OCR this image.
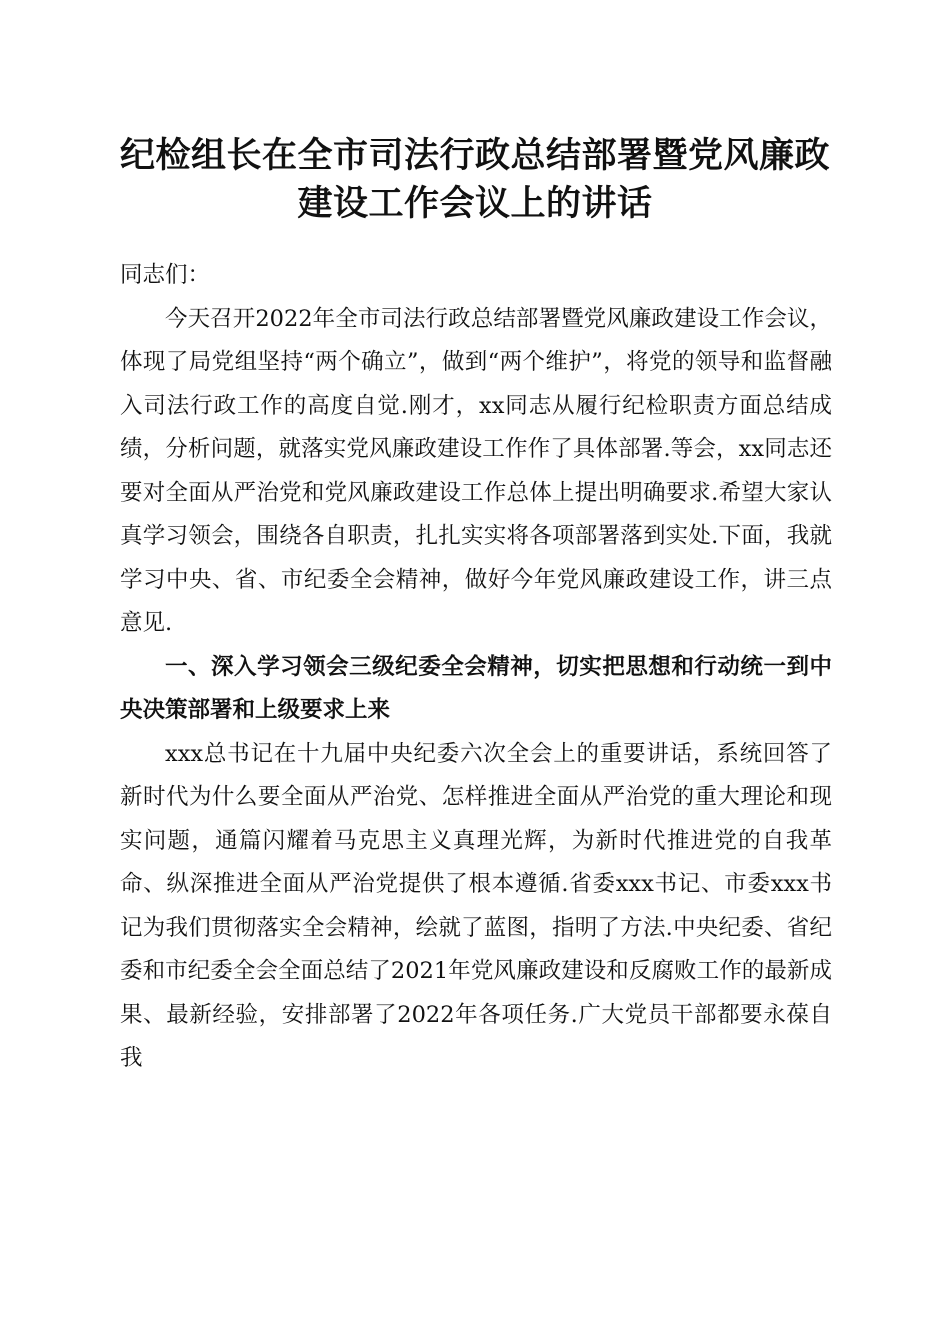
纪检组长在全市司法行政总结部署暨党风廉政
建设工作会议上的讲话

同志们：

今天召开2022年全市司法行政总结部署暨党风廉政建设工作会议，体现了局党组坚持“两个确立”，做到“两个维护”，将党的领导和监督融入司法行政工作的高度自觉.刚才，xx同志从履行纪检职责方面总结成绩，分析问题，就落实党风廉政建设工作作了具体部署.等会，xx同志还要对全面从严治党和党风廉政建设工作总体上提出明确要求.希望大家认真学习领会，围绕各自职责，扎扎实实将各项部署落到实处.下面，我就学习中央、省、市纪委全会精神，做好今年党风廉政建设工作，讲三点意见.

一、深入学习领会三级纪委全会精神，切实把思想和行动统一到中央决策部署和上级要求上来

xxx总书记在十九届中央纪委六次全会上的重要讲话，系统回答了新时代为什么要全面从严治党、怎样推进全面从严治党的重大理论和现实问题，通篇闪耀着马克思主义真理光辉，为新时代推进党的自我革命、纵深推进全面从严治党提供了根本遵循.省委xxx书记、市委xxx书记为我们贯彻落实全会精神，绘就了蓝图，指明了方法.中央纪委、省纪委和市纪委全会全面总结了2021年党风廉政建设和反腐败工作的最新成果、最新经验，安排部署了2022年各项任务.广大党员干部都要永葆自我
